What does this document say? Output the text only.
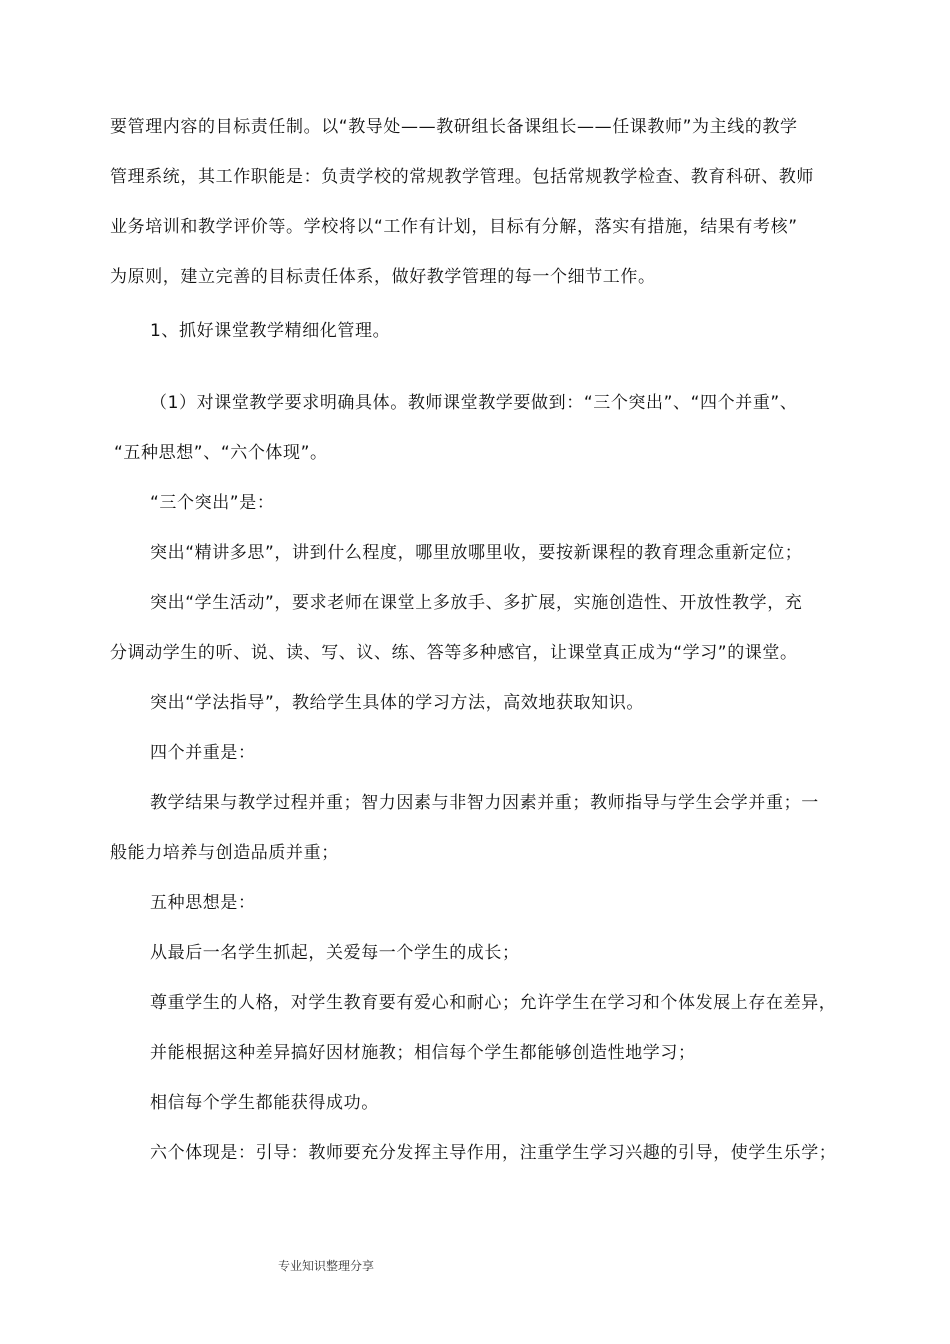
要管理内容的目标责任制。以“教导处——教研组长备课组长——任课教师”为主线的教学
管理系统，其工作职能是：负责学校的常规教学管理。包括常规教学检查、教育科研、教师
业务培训和教学评价等。学校将以“工作有计划，目标有分解，落实有措施，结果有考核”
为原则，建立完善的目标责任体系，做好教学管理的每一个细节工作。
1、抓好课堂教学精细化管理。
（1）对课堂教学要求明确具体。教师课堂教学要做到：“三个突出”、“四个并重”、
“五种思想”、“六个体现”。
“三个突出”是：
突出“精讲多思”，讲到什么程度，哪里放哪里收，要按新课程的教育理念重新定位；
突出“学生活动”，要求老师在课堂上多放手、多扩展，实施创造性、开放性教学，充
分调动学生的听、说、读、写、议、练、答等多种感官，让课堂真正成为“学习”的课堂。
突出“学法指导”，教给学生具体的学习方法，高效地获取知识。
四个并重是：
教学结果与教学过程并重；智力因素与非智力因素并重；教师指导与学生会学并重；一
般能力培养与创造品质并重；
五种思想是：
从最后一名学生抓起，关爱每一个学生的成长；
尊重学生的人格，对学生教育要有爱心和耐心；允许学生在学习和个体发展上存在差异，
并能根据这种差异搞好因材施教；相信每个学生都能够创造性地学习；
相信每个学生都能获得成功。
六个体现是：引导：教师要充分发挥主导作用，注重学生学习兴趣的引导，使学生乐学；
专业知识整理分享
